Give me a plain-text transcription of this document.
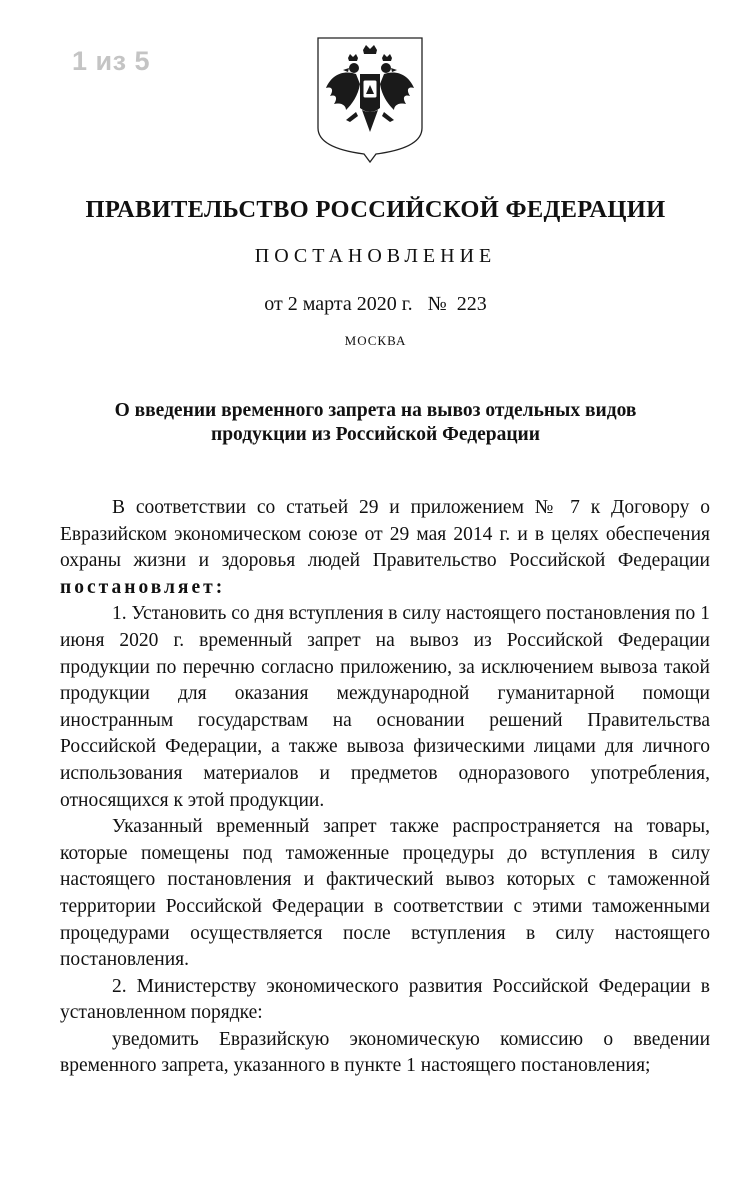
1 из 5
ПРАВИТЕЛЬСТВО РОССИЙСКОЙ ФЕДЕРАЦИИ
ПОСТАНОВЛЕНИЕ
от 2 марта 2020 г. № 223
МОСКВА
О введении временного запрета на вывоз отдельных видов
продукции из Российской Федерации

В соответствии со статьей 29 и приложением № 7 к Договору о Евразийском экономическом союзе от 29 мая 2014 г. и в целях обеспечения охраны жизни и здоровья людей Правительство Российской Федерации постановляет:

1. Установить со дня вступления в силу настоящего постановления по 1 июня 2020 г. временный запрет на вывоз из Российской Федерации продукции по перечню согласно приложению, за исключением вывоза такой продукции для оказания международной гуманитарной помощи иностранным государствам на основании решений Правительства Российской Федерации, а также вывоза физическими лицами для личного использования материалов и предметов одноразового употребления, относящихся к этой продукции.

Указанный временный запрет также распространяется на товары, которые помещены под таможенные процедуры до вступления в силу настоящего постановления и фактический вывоз которых с таможенной территории Российской Федерации в соответствии с этими таможенными процедурами осуществляется после вступления в силу настоящего постановления.

2. Министерству экономического развития Российской Федерации в установленном порядке:

уведомить Евразийскую экономическую комиссию о введении временного запрета, указанного в пункте 1 настоящего постановления;
